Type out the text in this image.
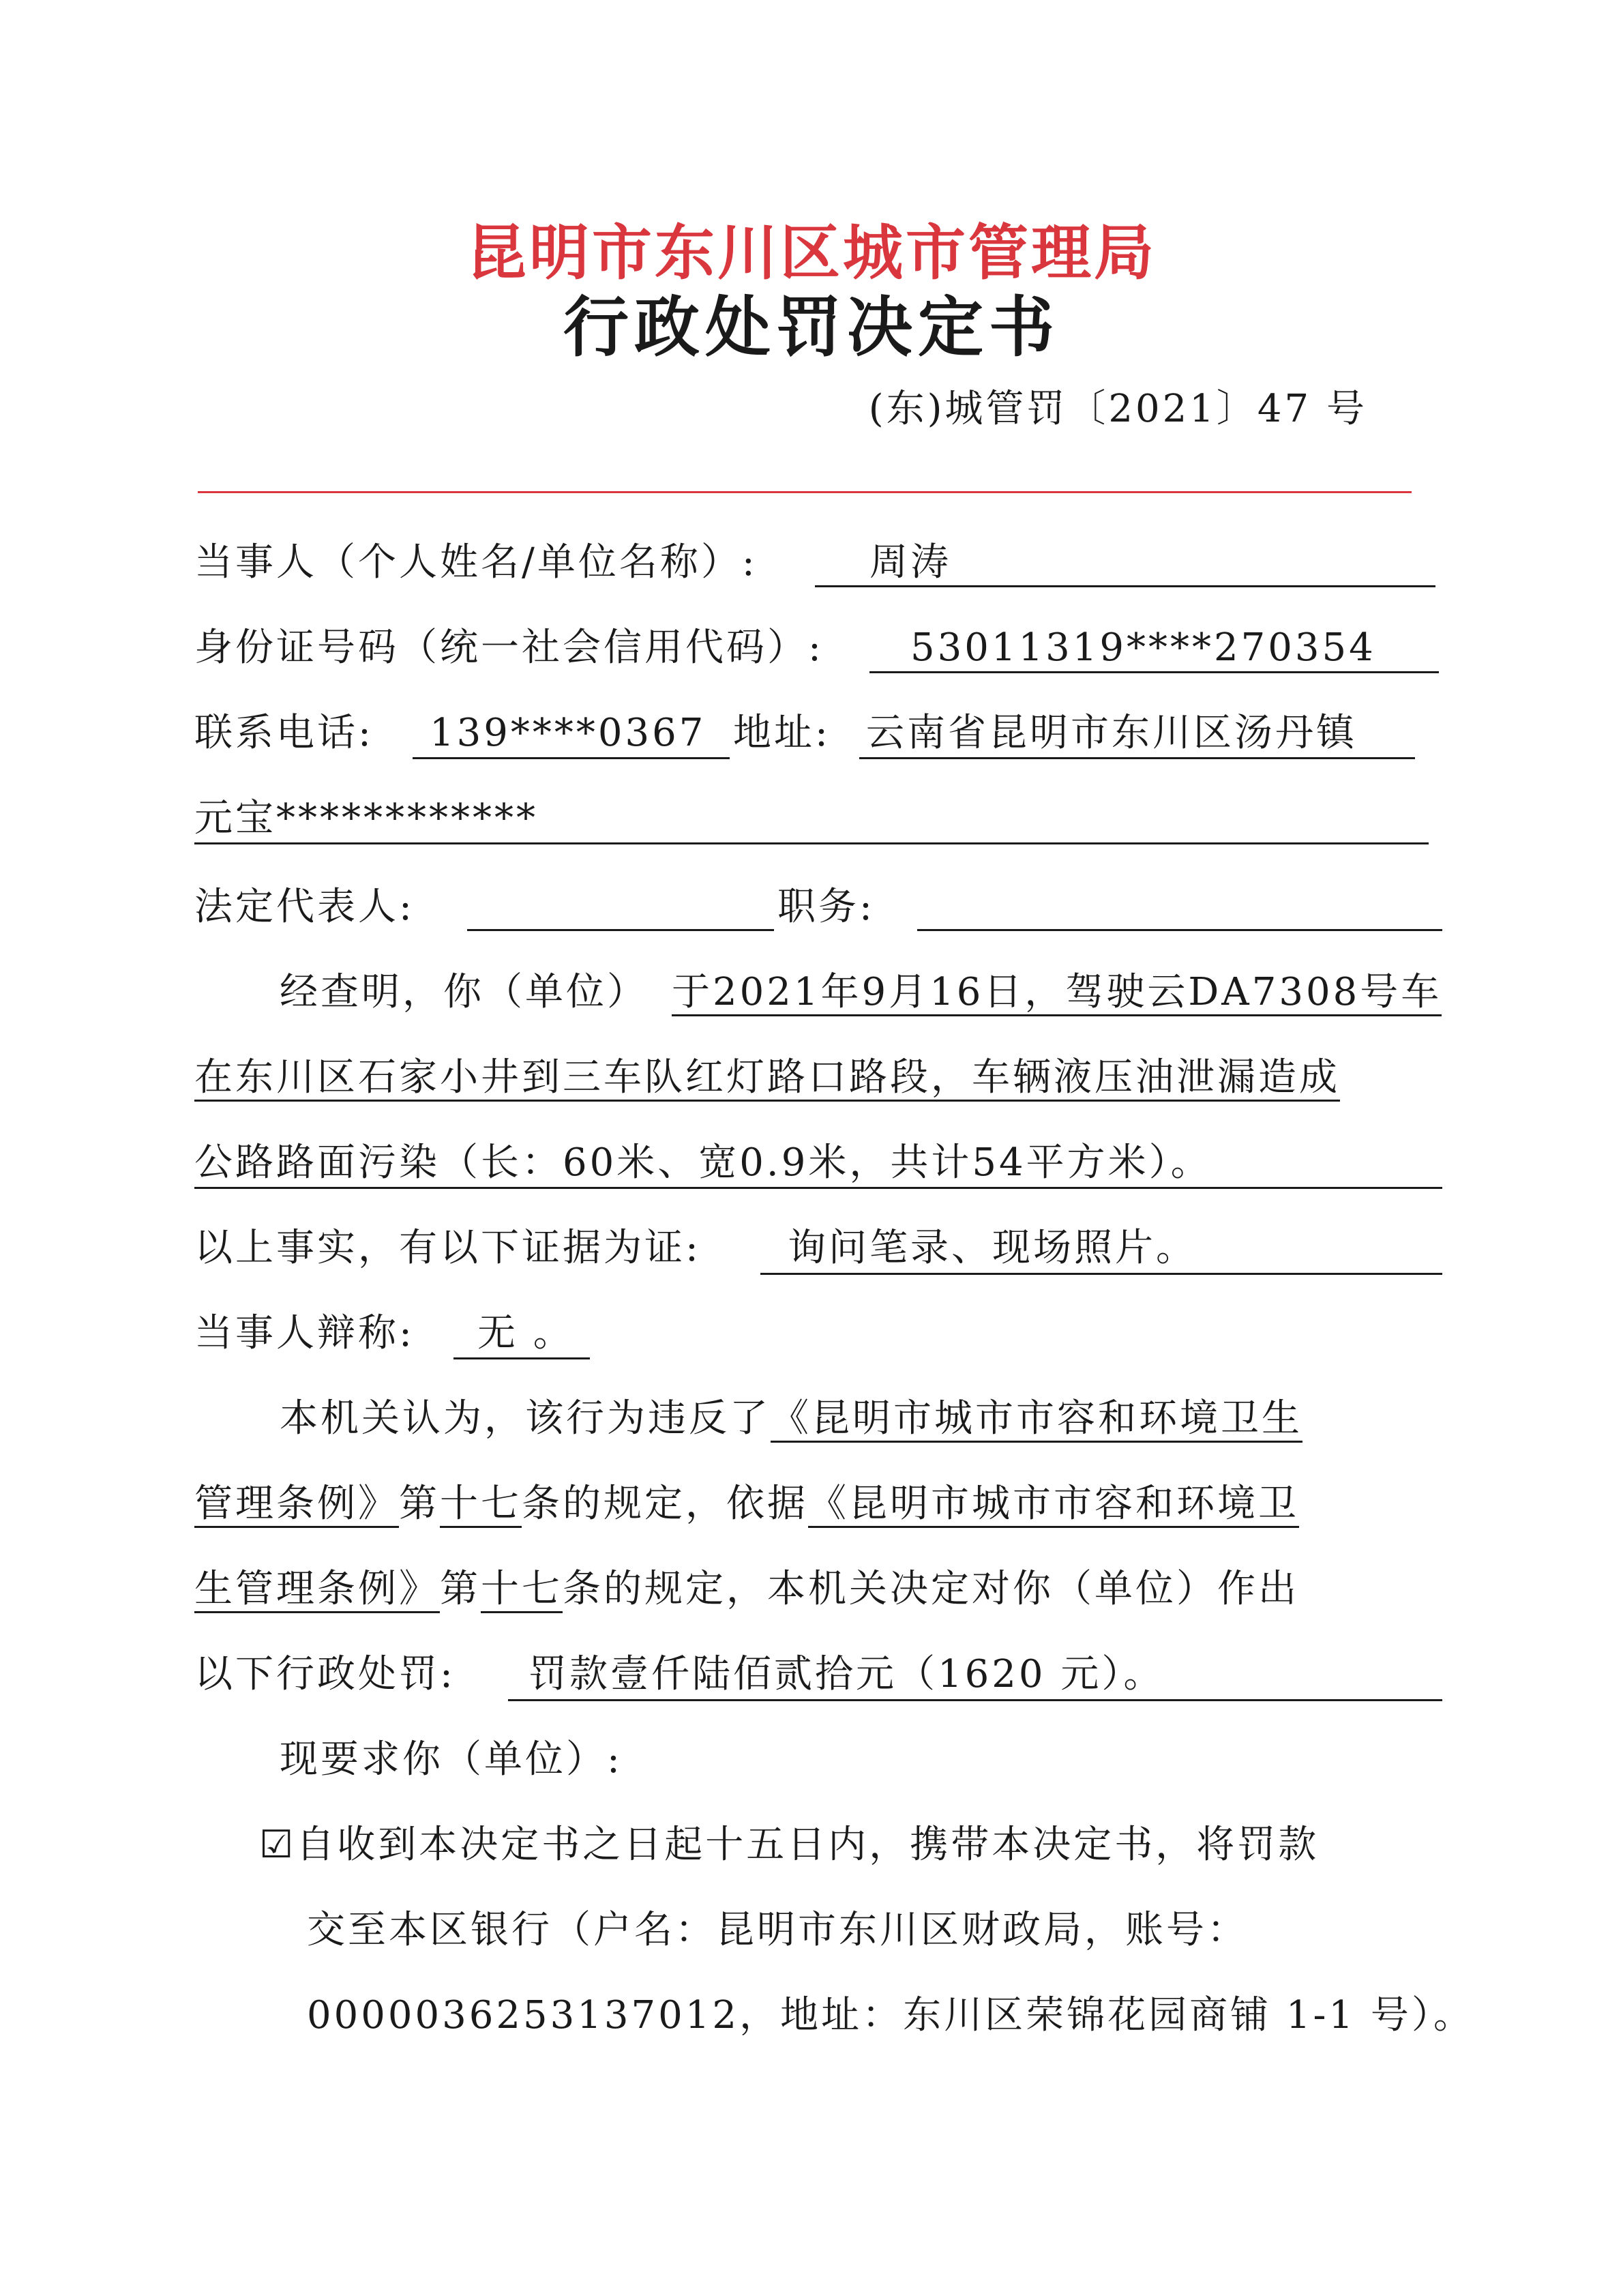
昆明市东川区城市管理局
行政处罚决定书
(东)城管罚〔2021〕47 号
当事人（个人姓名/单位名称）:	周涛
身份证号码（统一社会信用代码）: 53011319****270354
联系电话: 139****0367 地址: 云南省昆明市东川区汤丹镇
元宝************
法定代表人:	职务:
经查明，你（单位） 于2021年9月16日，驾驶云DA7308号车
在东川区石家小井到三车队红灯路口路段，车辆液压油泄漏造成
公路路面污染（长：60米、宽0.9米，共计54平方米）。
以上事实，有以下证据为证: 询问笔录、现场照片。
当事人辩称: 无 。
本机关认为，该行为违反了《昆明市城市市容和环境卫生
管理条例》第十七条的规定，依据《昆明市城市市容和环境卫
生管理条例》第十七条的规定，本机关决定对你（单位）作出
以下行政处罚: 罚款壹仟陆佰贰拾元（1620 元）。
现要求你（单位）:
☑自收到本决定书之日起十五日内，携带本决定书，将罚款
交至本区银行（户名：昆明市东川区财政局，账号：
0000036253137012，地址：东川区荣锦花园商铺 1-1 号）。
